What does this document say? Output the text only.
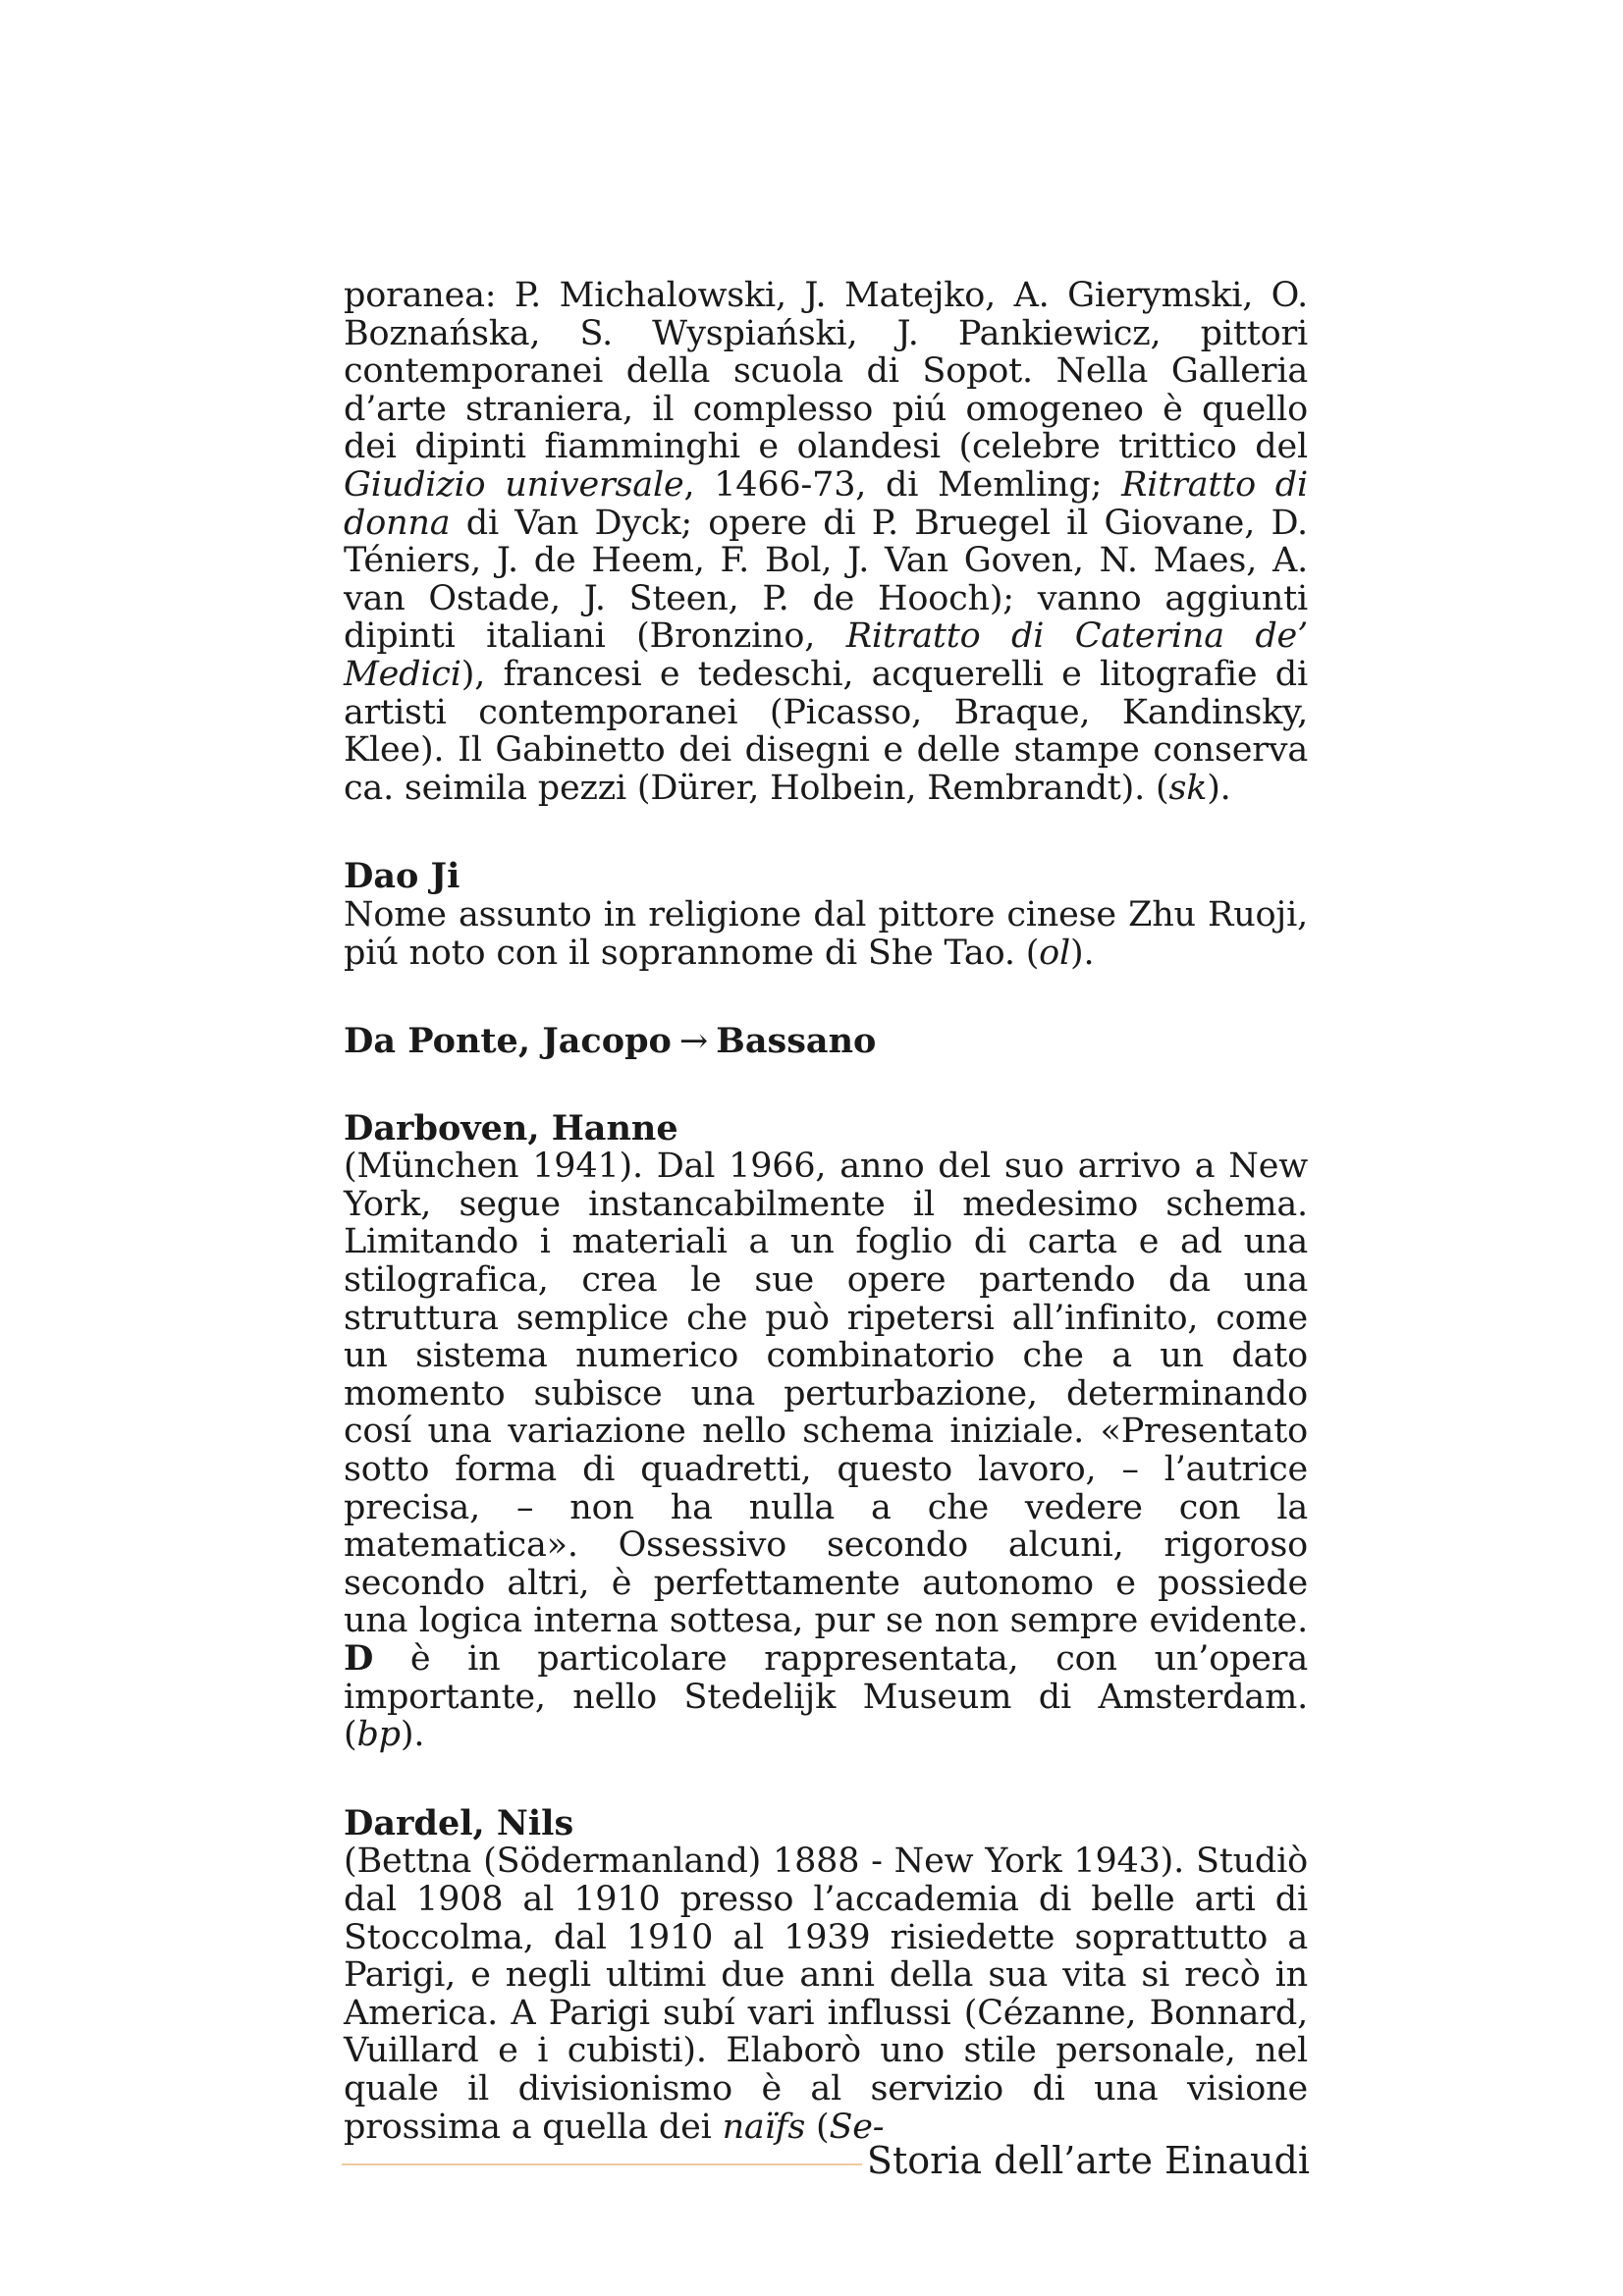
poranea: P. Michalowski, J. Matejko, A. Gierymski, O. Boznańska, S. Wyspiański, J. Pankiewicz, pittori contemporanei della scuola di Sopot. Nella Galleria d’arte straniera, il complesso piú omogeneo è quello dei dipinti fiamminghi e olandesi (celebre trittico del Giudizio universale, 1466-73, di Memling; Ritratto di donna di Van Dyck; opere di P. Bruegel il Giovane, D. Téniers, J. de Heem, F. Bol, J. Van Goven, N. Maes, A. van Ostade, J. Steen, P. de Hooch); vanno aggiunti dipinti italiani (Bronzino, Ritratto di Caterina de’ Medici), francesi e tedeschi, acquerelli e litografie di artisti contemporanei (Picasso, Braque, Kandinsky, Klee). Il Gabinetto dei disegni e delle stampe conserva ca. seimila pezzi (Dürer, Holbein, Rembrandt). (sk).

Dao Ji

Nome assunto in religione dal pittore cinese Zhu Ruoji, piú noto con il soprannome di She Tao. (ol).

Da Ponte, Jacopo → Bassano
Darboven, Hanne

(München 1941). Dal 1966, anno del suo arrivo a New York, segue instancabilmente il medesimo schema. Limitando i materiali a un foglio di carta e ad una stilografica, crea le sue opere partendo da una struttura semplice che può ripetersi all’infinito, come un sistema numerico combinatorio che a un dato momento subisce una perturbazione, determinando cosí una variazione nello schema iniziale. «Presentato sotto forma di quadretti, questo lavoro, – l’autrice precisa, – non ha nulla a che vedere con la matematica». Ossessivo secondo alcuni, rigoroso secondo altri, è perfettamente autonomo e possiede una logica interna sottesa, pur se non sempre evidente. D è in particolare rappresentata, con un’opera importante, nello Stedelijk Museum di Amsterdam. (bp).

Dardel, Nils

(Bettna (Södermanland) 1888 - New York 1943). Studiò dal 1908 al 1910 presso l’accademia di belle arti di Stoccolma, dal 1910 al 1939 risiedette soprattutto a Parigi, e negli ultimi due anni della sua vita si recò in America. A Parigi subí vari influssi (Cézanne, Bonnard, Vuillard e i cubisti). Elaborò uno stile personale, nel quale il divisionismo è al servizio di una visione prossima a quella dei naïfs (Se-

Storia dell’arte Einaudi
